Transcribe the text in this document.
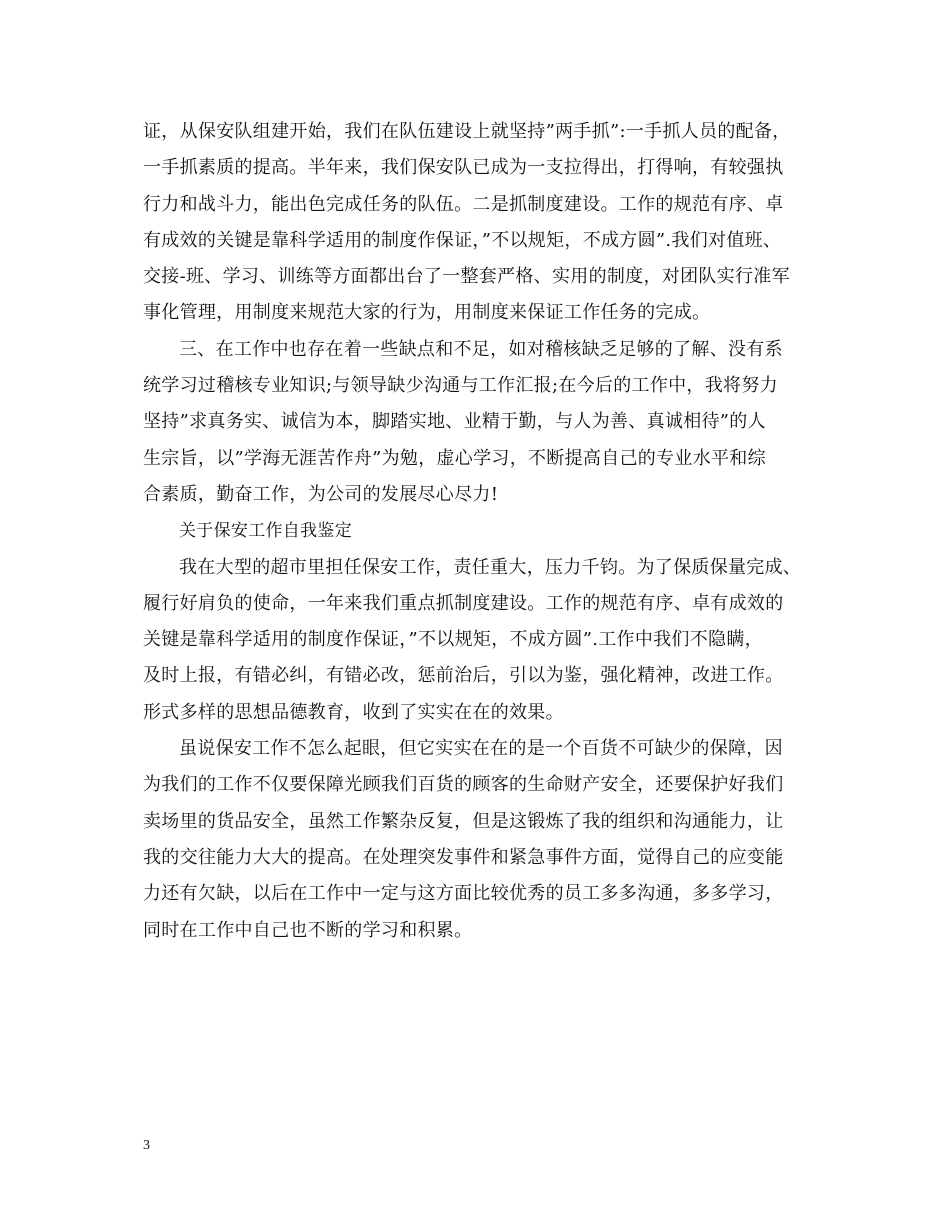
证，从保安队组建开始，我们在队伍建设上就坚持”两手抓”:一手抓人员的配备，
一手抓素质的提高。半年来，我们保安队已成为一支拉得出，打得响，有较强执
行力和战斗力，能出色完成任务的队伍。二是抓制度建设。工作的规范有序、卓
有成效的关键是靠科学适用的制度作保证，”不以规矩，不成方圆”.我们对值班、
交接-班、学习、训练等方面都出台了一整套严格、实用的制度，对团队实行准军
事化管理，用制度来规范大家的行为，用制度来保证工作任务的完成。
三、在工作中也存在着一些缺点和不足，如对稽核缺乏足够的了解、没有系
统学习过稽核专业知识;与领导缺少沟通与工作汇报;在今后的工作中，我将努力
坚持”求真务实、诚信为本，脚踏实地、业精于勤，与人为善、真诚相待”的人
生宗旨，以”学海无涯苦作舟”为勉，虚心学习，不断提高自己的专业水平和综
合素质，勤奋工作，为公司的发展尽心尽力!
关于保安工作自我鉴定
我在大型的超市里担任保安工作，责任重大，压力千钧。为了保质保量完成、
履行好肩负的使命，一年来我们重点抓制度建设。工作的规范有序、卓有成效的
关键是靠科学适用的制度作保证，”不以规矩，不成方圆”.工作中我们不隐瞒，
及时上报，有错必纠，有错必改，惩前治后，引以为鉴，强化精神，改进工作。
形式多样的思想品德教育，收到了实实在在的效果。
虽说保安工作不怎么起眼，但它实实在在的是一个百货不可缺少的保障，因
为我们的工作不仅要保障光顾我们百货的顾客的生命财产安全，还要保护好我们
卖场里的货品安全，虽然工作繁杂反复，但是这锻炼了我的组织和沟通能力，让
我的交往能力大大的提高。在处理突发事件和紧急事件方面，觉得自己的应变能
力还有欠缺，以后在工作中一定与这方面比较优秀的员工多多沟通，多多学习，
同时在工作中自己也不断的学习和积累。
3
